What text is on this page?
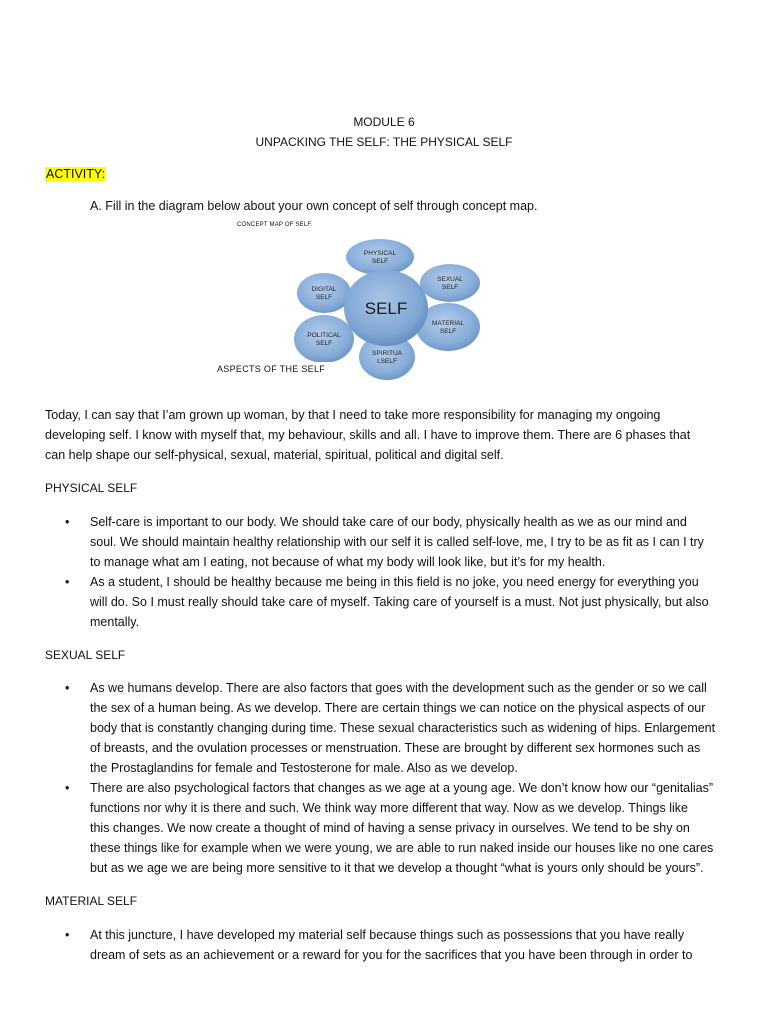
MODULE 6
UNPACKING THE SELF: THE PHYSICAL SELF
ACTIVITY:
A. Fill in the diagram below about your own concept of self through concept map.
CONCEPT MAP OF SELF.
PHYSICAL
SELF
SEXUAL
SELF
DIGITAL
SELF
MATERIAL
SELF
POLITICAL
SELF
SPIRITUA
LSELF
SELF
ASPECTS OF THE SELF
Today, I can say that I’am grown up woman, by that I need to take more responsibility for managing my ongoing
developing self. I know with myself that, my behaviour, skills and all. I have to improve them. There are 6 phases that
can help shape our self-physical, sexual, material, spiritual, political and digital self.
PHYSICAL SELF
• Self-care is important to our body. We should take care of our body, physically health as we as our mind and
soul. We should maintain healthy relationship with our self it is called self-love, me, I try to be as fit as I can I try
to manage what am I eating, not because of what my body will look like, but it’s for my health.
• As a student, I should be healthy because me being in this field is no joke, you need energy for everything you
will do. So I must really should take care of myself. Taking care of yourself is a must. Not just physically, but also
mentally.
SEXUAL SELF
• As we humans develop. There are also factors that goes with the development such as the gender or so we call
the sex of a human being. As we develop. There are certain things we can notice on the physical aspects of our
body that is constantly changing during time. These sexual characteristics such as widening of hips. Enlargement
of breasts, and the ovulation processes or menstruation. These are brought by different sex hormones such as
the Prostaglandins for female and Testosterone for male. Also as we develop.
• There are also psychological factors that changes as we age at a young age. We don’t know how our “genitalias”
functions nor why it is there and such. We think way more different that way. Now as we develop. Things like
this changes. We now create a thought of mind of having a sense privacy in ourselves. We tend to be shy on
these things like for example when we were young, we are able to run naked inside our houses like no one cares
but as we age we are being more sensitive to it that we develop a thought “what is yours only should be yours”.
MATERIAL SELF
• At this juncture, I have developed my material self because things such as possessions that you have really
dream of sets as an achievement or a reward for you for the sacrifices that you have been through in order to
